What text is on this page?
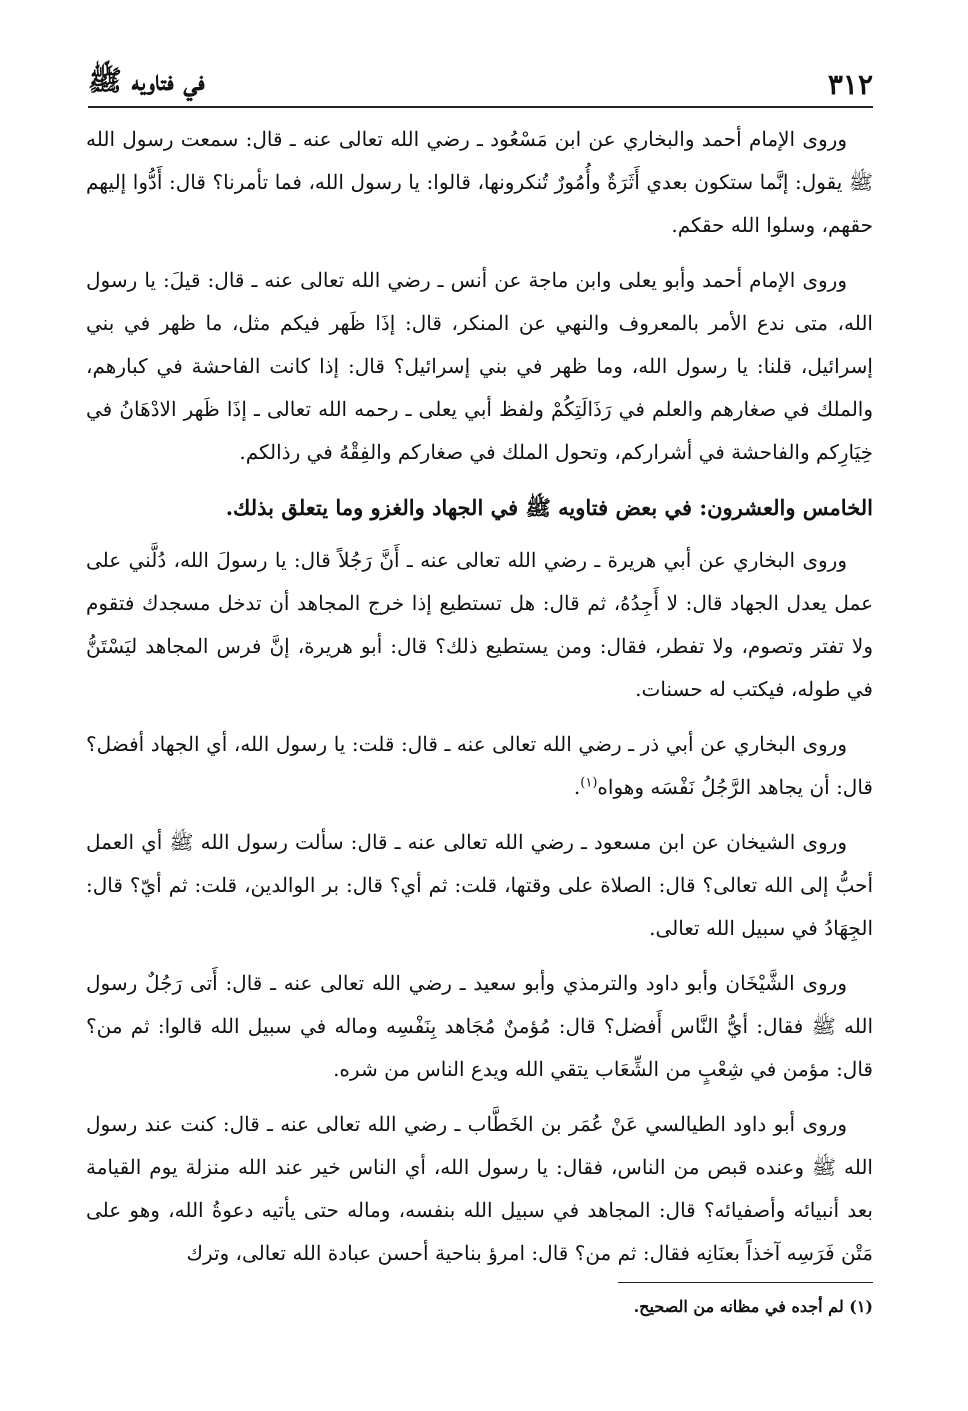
٣١٢
في فتاويه ﷺ

وروى الإمام أحمد والبخاري عن ابن مَسْعُود ـ رضي الله تعالى عنه ـ قال: سمعت رسول الله ﷺ يقول: إنَّما ستكون بعدي أَثَرَةٌ وأُمُورٌ تُنكرونها، قالوا: يا رسول الله، فما تأمرنا؟ قال: أَدُّوا إليهم حقهم، وسلوا الله حقكم.

وروى الإمام أحمد وأبو يعلى وابن ماجة عن أنس ـ رضي الله تعالى عنه ـ قال: قيلَ: يا رسول الله، متى ندع الأمر بالمعروف والنهي عن المنكر، قال: إذَا ظَهر فيكم مثل، ما ظهر في بني إسرائيل، قلنا: يا رسول الله، وما ظهر في بني إسرائيل؟ قال: إذا كانت الفاحشة في كبارهم، والملك في صغارهم والعلم في رَذَالَتِكُمْ ولفظ أبي يعلى ـ رحمه الله تعالى ـ إذَا ظَهر الادْهَانُ في خِيَارِكم والفاحشة في أشراركم، وتحول الملك في صغاركم والفِقْهُ في رذالكم.

الخامس والعشرون: في بعض فتاويه ﷺ في الجهاد والغزو وما يتعلق بذلك.

وروى البخاري عن أبي هريرة ـ رضي الله تعالى عنه ـ أَنَّ رَجُلاً قال: يا رسولَ الله، دُلَّني على عمل يعدل الجهاد قال: لا أَجِدُهُ، ثم قال: هل تستطيع إذا خرج المجاهد أن تدخل مسجدك فتقوم ولا تفتر وتصوم، ولا تفطر، فقال: ومن يستطيع ذلك؟ قال: أبو هريرة، إنَّ فرس المجاهد ليَسْتَنُّ في طوله، فيكتب له حسنات.

وروى البخاري عن أبي ذر ـ رضي الله تعالى عنه ـ قال: قلت: يا رسول الله، أي الجهاد أفضل؟ قال: أن يجاهد الرَّجُلُ نَفْسَه وهواه$^{(١)}$.

وروى الشيخان عن ابن مسعود ـ رضي الله تعالى عنه ـ قال: سألت رسول الله ﷺ أي العمل أحبُّ إلى الله تعالى؟ قال: الصلاة على وقتها، قلت: ثم أي؟ قال: بر الوالدين، قلت: ثم أيّ؟ قال: الجِهَادُ في سبيل الله تعالى.

وروى الشَّيْخَان وأبو داود والترمذي وأبو سعيد ـ رضي الله تعالى عنه ـ قال: أَتى رَجُلٌ رسول الله ﷺ فقال: أيُّ النَّاس أَفضل؟ قال: مُؤمنٌ مُجَاهد بِنَفْسِه وماله في سبيل الله قالوا: ثم من؟ قال: مؤمن في شِعْبٍ من الشِّعَاب يتقي الله ويدع الناس من شره.

وروى أبو داود الطيالسي عَنْ عُمَر بن الخَطَّاب ـ رضي الله تعالى عنه ـ قال: كنت عند رسول الله ﷺ وعنده قبص من الناس، فقال: يا رسول الله، أي الناس خير عند الله منزلة يوم القيامة بعد أنبيائه وأصفيائه؟ قال: المجاهد في سبيل الله بنفسه، وماله حتى يأتيه دعوةُ الله، وهو على مَتْن فَرَسِه آخذاً بعنَانِه فقال: ثم من؟ قال: امرؤ بناحية أحسن عبادة الله تعالى، وترك

(١) لم أجده في مظانه من الصحيح.
